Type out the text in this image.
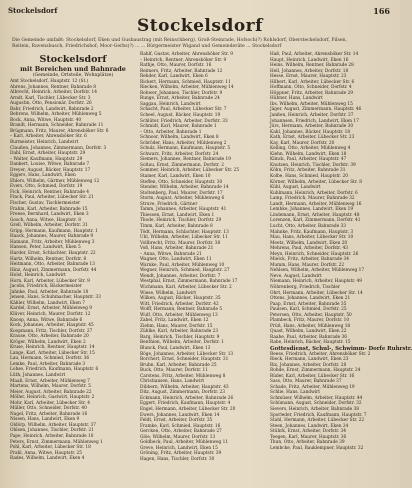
Stockelsdorf	166
Stockelsdorf
Die Gemeinde umfaßt: Stockelsdorf, Eken und Gusbaustrag (mit Reinschberg), Groß-Steinrade, Hofsoch(?) Rohlsdorf, Obersteckelsdorf, Pilsen,
Reitein, Ravensbusch, Friedrichshof; Moor-Gerbs(?) ... ... Bürgermeister Wigand und Gemeinderäte ... Stockelsdorf
Stockelsdorf
mit Bereichen und Bahnrade
(Gemeinde, Ortsteile, Wohnplätze)
Amt Stockelsdorf, Hauptstr. 12 (St.)
Ahrens, Johannes, Rentner, Bahnrade 8
Albrecht, Heinrich, Arbeiter, Dorfstr. 14
Arndt, Karl, Tischler, Lübecker Str. 3
Augustin, Otto, Pensionär, Dorfstr. 26
Bahr, Friedrich, Landwirt, Bahnrade 2
Behrens, Wilhelm, Arbeiter, Mühlenweg 5
Bock, Anna, Witwe, Hauptstr. 40
Brandt, Hermann, Schneider, Bahnrade 11
Brügmann, Fritz, Maurer, Ahrensböker Str. 6
– Karl, Arbeiter, Ahrensböker Str. 6
Burmeister, Heinrich, Landwirt
Claußen, Johannes, Zimmermann, Dorfstr. 3
Dahl, Ernst, Arbeiter, Hauptstr. 29
– Walter, Kaufmann, Hauptstr. 29
Dankert, Louise, Witwe, Bahnrade 7
Dreyer, August, Bäcker, Hauptstr. 17
Eggers, Hans, Landwirt, Eken
Ehlers, Wilhelm, Gärtner, Mühlenweg 12
Evers, Otto, Schmied, Dorfstr. 19
Fick, Heinrich, Rentner, Bahnrade 4
Finck, Paul, Arbeiter, Lübecker Str. 21
Fischer, Gustav, Tischlermeister
Frahm, Karl, Arbeiter, Bahnrade 15
Freese, Bernhard, Landwirt, Eken 3
Gosch, Anna, Witwe, Hauptstr. 8
Grell, Wilhelm, Arbeiter, Dorfstr. 31
Gripp, Hermann, Kaufmann, Hauptstr. 1
Haack, Johannes, Maurer, Bahnrade 9
Hamann, Fritz, Arbeiter, Mühlenweg 3
Hansen, Peter, Landwirt, Eken 5
Harder, Ernst, Schlachter, Hauptstr. 22
Hartz, Wilhelm, Rentner, Dorfstr. 8
Heitmann, Otto, Arbeiter, Bahnrade 13
Hinz, August, Zimmermann, Dorfstr. 44
Holst, Heinrich, Landwirt
Horn, Karl, Arbeiter, Lübecker Str. 9
Jacobs, Friedrich, Bäckermeister
Jahnke, Paul, Arbeiter, Bahnrade 18
Jensen, Hans, Schuhmacher, Hauptstr. 33
Kähler, Wilhelm, Landwirt, Eken 7
Kardel, Ernst, Arbeiter, Mühlenweg 9
Klüver, Heinrich, Maurer, Dorfstr. 12
Knoop, Anna, Witwe, Bahnrade 6
Kock, Johannes, Arbeiter, Hauptstr. 45
Koopmann, Fritz, Tischler, Dorfstr. 27
Krause, Otto, Arbeiter, Bahnrade 20
Kröger, Wilhelm, Landwirt, Eken 2
Kruse, Heinrich, Rentner, Hauptstr. 14
Lange, Karl, Arbeiter, Lübecker Str. 15
Lau, Hermann, Schmied, Dorfstr. 36
Lemke, Paul, Arbeiter, Bahnrade 3
Lohse, Friedrich, Kaufmann, Hauptstr. 6
Lüth, Johannes, Landwirt
Maaß, Ernst, Arbeiter, Mühlenweg 7
Martens, Wilhelm, Maurer, Dorfstr. 5
Meier, August, Arbeiter, Bahnrade 22
Möller, Heinrich, Gastwirt, Hauptstr. 2
Mohr, Karl, Arbeiter, Lübecker Str. 4
Müller, Otto, Schneider, Dorfstr. 40
Nagel, Fritz, Arbeiter, Bahnrade 16
Nissen, Hans, Landwirt, Eken 9
Oldörp, Wilhelm, Arbeiter, Hauptstr. 37
Ohlsen, Johannes, Tischler, Dorfstr. 21
Pape, Heinrich, Arbeiter, Bahnrade 10
Peters, Ernst, Zimmermann, Mühlenweg 1
Pohl, Karl, Arbeiter, Lübecker Str. 18
Prahl, Anna, Witwe, Hauptstr. 25
Rades, Wilhelm, Landwirt, Eken 4
Rahlf, Gustav, Arbeiter, Ahrensböker Str. 9
– Heinrich, Rentner, Ahrensböker Str. 9
Rathje, Otto, Maurer, Dorfstr. 16
Reimers, Fritz, Arbeiter, Bahnrade 12
Rehder, Karl, Landwirt, Eken 6
Rickert, Hermann, Schmied, Hauptstr. 11
Riecken, Wilhelm, Arbeiter, Mühlenweg 14
Rohwer, Johannes, Tischler, Dorfstr. 9
Runge, Ernst, Arbeiter, Bahnrade 24
Saggau, Heinrich, Landwirt
Schacht, Paul, Arbeiter, Lübecker Str. 7
Scheel, August, Bäcker, Hauptstr. 19
Schlüter, Friedrich, Arbeiter, Dorfstr. 33
Schmidt, Karl, Maurer, Bahnrade 1
– Otto, Arbeiter, Bahnrade 1
Schnoor, Wilhelm, Landwirt, Eken 8
Schröder, Hans, Arbeiter, Mühlenweg 2
Schulz, Hermann, Kaufmann, Hauptstr. 5
Schwarz, Fritz, Arbeiter, Dorfstr. 24
Siemers, Johannes, Rentner, Bahnrade 19
Soltau, Ernst, Zimmermann, Dorfstr. 2
Sommer, Heinrich, Arbeiter, Lübecker Str. 25
Stamer, Karl, Landwirt, Eken 10
Steffen, Otto, Schneider, Hauptstr. 30
Stender, Wilhelm, Arbeiter, Bahnrade 14
Stoltenberg, Paul, Maurer, Dorfstr. 17
Storm, August, Arbeiter, Mühlenweg 6
Struve, Friedrich, Gärtner
Tamm, Johannes, Arbeiter, Hauptstr. 41
Thiessen, Ernst, Landwirt, Eken 1
Thode, Heinrich, Tischler, Dorfstr. 29
Timm, Karl, Arbeiter, Bahnrade 8
Tödt, Hermann, Schlachter, Hauptstr. 13
Uhl, Wilhelm, Arbeiter, Lübecker Str. 11
Vollbrecht, Fritz, Maurer, Dorfstr. 38
Voß, Hans, Arbeiter, Bahnrade 21
– Anna, Witwe, Bahnrade 21
Wagner, Otto, Landwirt, Eken 11
Warnke, Paul, Arbeiter, Mühlenweg 10
Wegner, Heinrich, Schmied, Hauptstr. 27
Wendt, Johannes, Arbeiter, Dorfstr. 7
Westphal, Ernst, Zimmermann, Bahnrade 17
Wichmann, Karl, Arbeiter, Lübecker Str. 2
Wiese, Wilhelm, Landwirt
Wilken, August, Bäcker, Hauptstr. 35
Witt, Friedrich, Arbeiter, Dorfstr. 42
Wolff, Hermann, Rentner, Bahnrade 5
Wulf, Otto, Arbeiter, Mühlenweg 13
Zabel, Fritz, Landwirt, Eken 12
Ziehm, Hans, Maurer, Dorfstr. 15
Zühlke, Karl, Arbeiter, Bahnrade 23
Barg, Heinrich, Tischler, Hauptstr. 9
Benthien, Wilhelm, Arbeiter, Dorfstr. 1
Blunck, Paul, Landwirt, Eken 13
Böge, Johannes, Arbeiter, Lübecker Str. 13
Borchert, Ernst, Schneider, Hauptstr. 31
Bruhn, Karl, Arbeiter, Bahnrade 25
Buck, Otto, Maurer, Dorfstr. 11
Carstens, Fritz, Arbeiter, Mühlenweg 8
Christiansen, Hans, Landwirt
Dibbern, Wilhelm, Arbeiter, Hauptstr. 43
Ditz, August, Zimmermann, Dorfstr. 23
Eckmann, Heinrich, Arbeiter, Bahnrade 26
Eggert, Friedrich, Kaufmann, Hauptstr. 4
Engel, Hermann, Arbeiter, Lübecker Str. 20
Ewers, Johannes, Landwirt, Eken 14
Feldt, Ernst, Arbeiter, Dorfstr. 35
Framke, Karl, Schmied, Hauptstr. 16
Gercken, Otto, Arbeiter, Bahnrade 27
Glöe, Wilhelm, Maurer, Dorfstr. 13
Goldbeck, Paul, Arbeiter, Mühlenweg 11
Greve, Heinrich, Landwirt, Eken 15
Gröning, Fritz, Arbeiter, Hauptstr. 39
Hagen, Hans, Tischler, Dorfstr. 30
Haß, Paul, Arbeiter, Ahrensböker Str. 14
Haupt, Heinrich, Landwirt, Eken 16
Heins, Wilhelm, Rentner, Bahnrade 28
Hell, Johannes, Arbeiter, Dorfstr. 18
Hesse, Ernst, Maurer, Hauptstr. 23
Hilbert, Karl, Arbeiter, Lübecker Str. 6
Hoffmann, Otto, Schneider, Dorfstr. 4
Höppner, Fritz, Arbeiter, Bahnrade 29
Hübner, Hans, Landwirt
Ibs, Wilhelm, Arbeiter, Mühlenweg 15
Jäger, August, Zimmermann, Hauptstr. 46
Janßen, Heinrich, Arbeiter, Dorfstr. 37
Johannsen, Friedrich, Landwirt, Eken 17
Jürs, Hermann, Arbeiter, Bahnrade 30
Kahl, Johannes, Bäcker, Hauptstr. 18
Kath, Ernst, Arbeiter, Lübecker Str. 23
Kay, Karl, Maurer, Dorfstr. 20
Kelling, Otto, Arbeiter, Mühlenweg 4
Kiehn, Wilhelm, Landwirt, Eken 18
Klinck, Paul, Arbeiter, Hauptstr. 47
Knutzen, Heinrich, Tischler, Dorfstr. 39
Köhn, Fritz, Arbeiter, Bahnrade 31
Kolbe, Hans, Schmied, Hauptstr. 20
Körner, Wilhelm, Arbeiter, Lübecker Str. 8
Kühl, August, Landwirt
Kuhlmann, Heinrich, Arbeiter, Dorfstr. 6
Lamp, Friedrich, Maurer, Bahnrade 32
Landt, Hermann, Arbeiter, Mühlenweg 16
Lembke, Johannes, Landwirt, Eken 19
Lindemann, Ernst, Arbeiter, Hauptstr. 48
Lorenzen, Karl, Zimmermann, Dorfstr. 41
Lucht, Otto, Arbeiter, Bahnrade 33
Mahnke, Fritz, Kaufmann, Hauptstr. 3
Mau, Hans, Arbeiter, Lübecker Str. 10
Meetz, Wilhelm, Landwirt, Eken 20
Mehrens, Paul, Arbeiter, Dorfstr. 43
Meyn, Heinrich, Schneider, Hauptstr. 26
Mielck, Fritz, Arbeiter, Bahnrade 34
Mumm, Hans, Maurer, Dorfstr. 22
Nehlsen, Wilhelm, Arbeiter, Mühlenweg 17
Neve, August, Landwirt
Niemann, Heinrich, Arbeiter, Hauptstr. 49
Nöhrenberg, Friedrich, Tischler
Ohrt, Hermann, Arbeiter, Lübecker Str. 14
Ottens, Johannes, Landwirt, Eken 21
Paap, Ernst, Arbeiter, Bahnrade 35
Paulsen, Karl, Schmied, Dorfstr. 25
Petersen, Otto, Arbeiter, Hauptstr. 50
Plambeck, Fritz, Maurer, Dorfstr. 10
Prüß, Hans, Arbeiter, Mühlenweg 18
Quast, Wilhelm, Landwirt, Eken 22
Raabe, Paul, Arbeiter, Bahnrade 36
Rabe, Heinrich, Bäcker, Hauptstr. 15
Gottesdienst, Schul-, Schwimm- Dorfe Ruhrstr.
Reese, Friedrich, Arbeiter, Ahrensböker Str. 2
Rieck, Hermann, Landwirt, Eken 23
Rix, Johannes, Arbeiter, Dorfstr. 28
Rohde, Ernst, Zimmermann, Hauptstr. 24
Rüder, Karl, Arbeiter, Lübecker Str. 16
Sass, Otto, Maurer, Bahnrade 37
Schade, Fritz, Arbeiter, Mühlenweg 19
Schlie, Hans, Landwirt
Schmüser, Wilhelm, Arbeiter, Hauptstr. 44
Schümann, August, Schneider, Dorfstr. 32
Sievers, Heinrich, Arbeiter, Bahnrade 38
Sporleder, Friedrich, Kaufmann, Hauptstr. 7
Stahl, Hermann, Arbeiter, Lübecker Str. 22
Steen, Johannes, Landwirt, Eken 24
Stührk, Ernst, Arbeiter, Dorfstr. 34
Teegen, Karl, Maurer, Hauptstr. 36
Thun, Otto, Arbeiter, Bahnrade 39
Lembcke, Paul, Bauklempner, Hauptstr. 32
